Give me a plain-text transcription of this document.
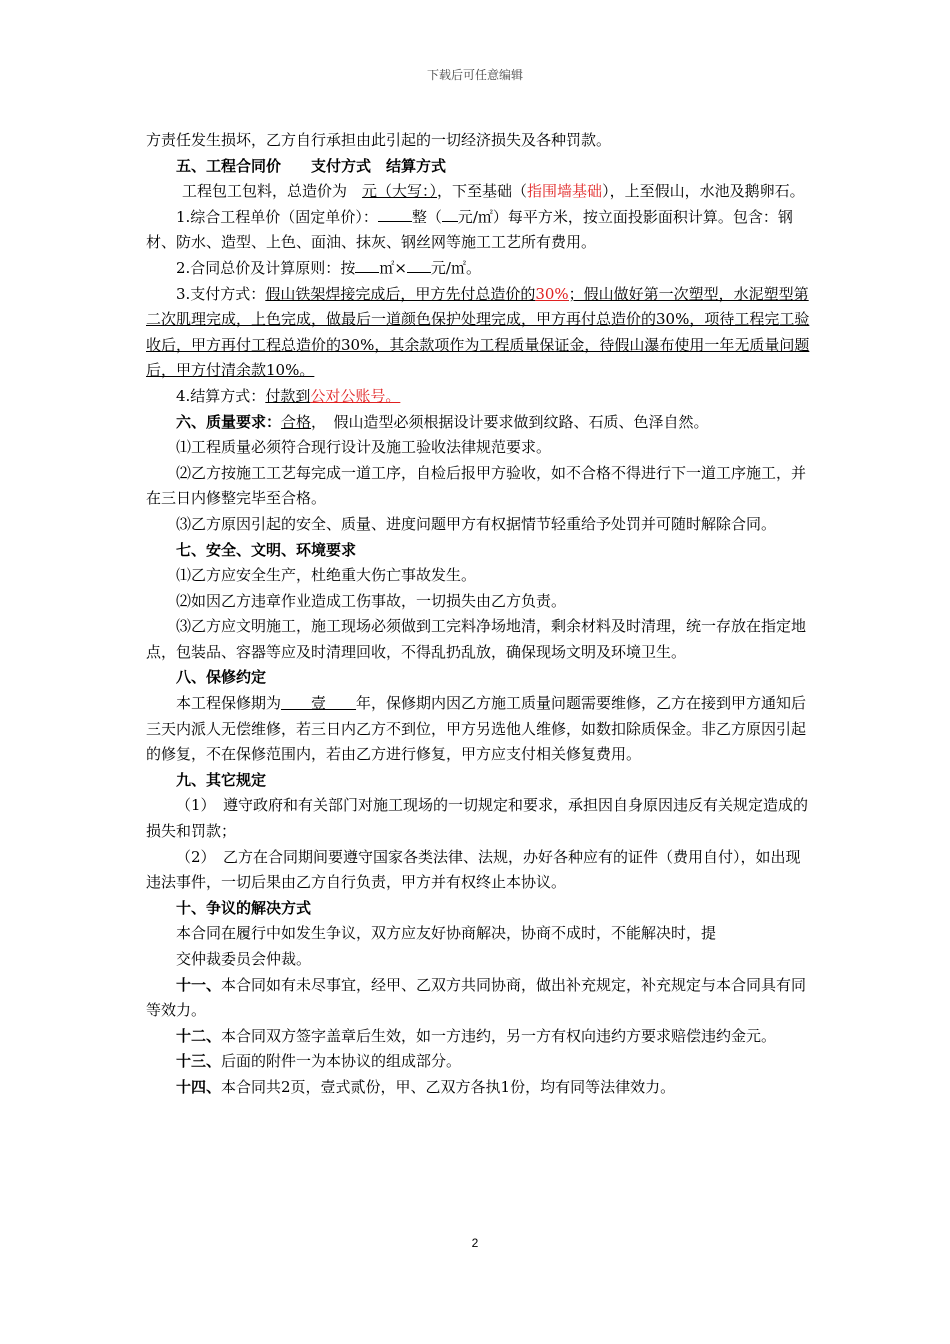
下载后可任意编辑

方责任发生损坏，乙方自行承担由此引起的一切经济损失及各种罚款。

五、工程合同价　　支付方式　结算方式

工程包工包料，总造价为　元（大写：），下至基础（指围墙基础），上至假山，水池及鹅卵石。

1.综合工程单价（固定单价）： 整（ 元/㎡）每平方米，按立面投影面积计算。包含：钢材、防水、造型、上色、面油、抹灰、钢丝网等施工工艺所有费用。

2.合同总价及计算原则：按 ㎡× 元/㎡。

3.支付方式：假山铁架焊接完成后，甲方先付总造价的30%；假山做好第一次塑型，水泥塑型第二次肌理完成，上色完成，做最后一道颜色保护处理完成，甲方再付总造价的30%，项待工程完工验收后，甲方再付工程总造价的30%，其余款项作为工程质量保证金，待假山瀑布使用一年无质量问题后，甲方付清余款10%。

4.结算方式：付款到公对公账号。

六、质量要求：合格，　假山造型必须根据设计要求做到纹路、石质、色泽自然。

⑴工程质量必须符合现行设计及施工验收法律规范要求。

⑵乙方按施工工艺每完成一道工序，自检后报甲方验收，如不合格不得进行下一道工序施工，并在三日内修整完毕至合格。

⑶乙方原因引起的安全、质量、进度问题甲方有权据情节轻重给予处罚并可随时解除合同。

七、安全、文明、环境要求

⑴乙方应安全生产，杜绝重大伤亡事故发生。

⑵如因乙方违章作业造成工伤事故，一切损失由乙方负责。

⑶乙方应文明施工，施工现场必须做到工完料净场地清，剩余材料及时清理，统一存放在指定地点，包装品、容器等应及时清理回收，不得乱扔乱放，确保现场文明及环境卫生。

八、保修约定

本工程保修期为　　壹　　年，保修期内因乙方施工质量问题需要维修，乙方在接到甲方通知后三天内派人无偿维修，若三日内乙方不到位，甲方另选他人维修，如数扣除质保金。非乙方原因引起的修复，不在保修范围内，若由乙方进行修复，甲方应支付相关修复费用。

九、其它规定

（1）　遵守政府和有关部门对施工现场的一切规定和要求，承担因自身原因违反有关规定造成的损失和罚款；

（2）　乙方在合同期间要遵守国家各类法律、法规，办好各种应有的证件（费用自付），如出现违法事件，一切后果由乙方自行负责，甲方并有权终止本协议。

十、争议的解决方式

本合同在履行中如发生争议，双方应友好协商解决，协商不成时，不能解决时，提

交仲裁委员会仲裁。

十一、本合同如有未尽事宜，经甲、乙双方共同协商，做出补充规定，补充规定与本合同具有同等效力。

十二、本合同双方签字盖章后生效，如一方违约，另一方有权向违约方要求赔偿违约金元。

十三、后面的附件一为本协议的组成部分。

十四、本合同共2页，壹式贰份，甲、乙双方各执1份，均有同等法律效力。

2
